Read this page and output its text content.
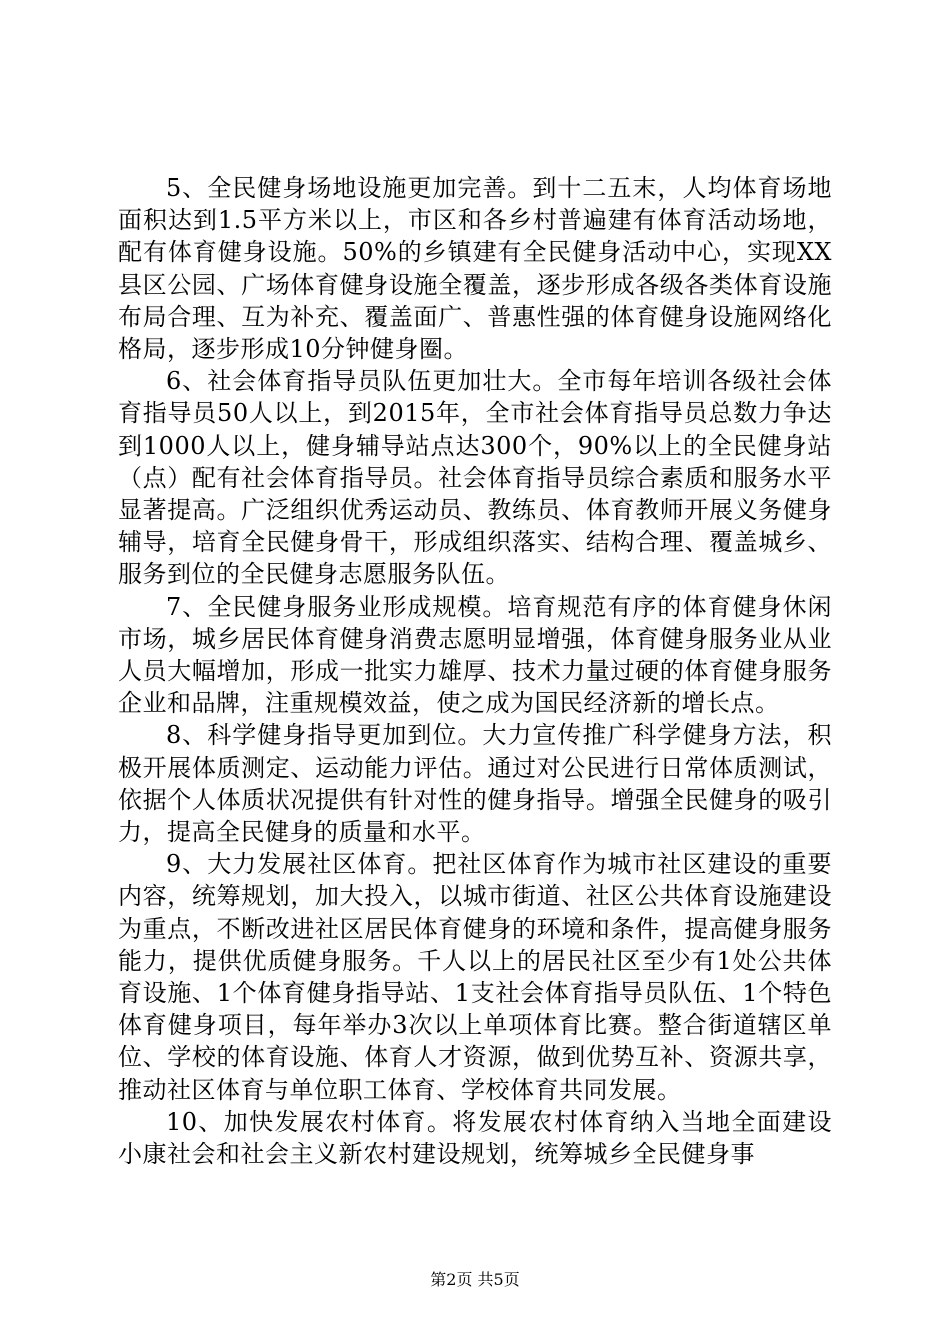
5、全民健身场地设施更加完善。到十二五末，人均体育场地面积达到1.5平方米以上，市区和各乡村普遍建有体育活动场地，配有体育健身设施。50%的乡镇建有全民健身活动中心，实现XX县区公园、广场体育健身设施全覆盖，逐步形成各级各类体育设施布局合理、互为补充、覆盖面广、普惠性强的体育健身设施网络化格局，逐步形成10分钟健身圈。

6、社会体育指导员队伍更加壮大。全市每年培训各级社会体育指导员50人以上，到2015年，全市社会体育指导员总数力争达到1000人以上，健身辅导站点达300个，90%以上的全民健身站（点）配有社会体育指导员。社会体育指导员综合素质和服务水平显著提高。广泛组织优秀运动员、教练员、体育教师开展义务健身辅导，培育全民健身骨干，形成组织落实、结构合理、覆盖城乡、服务到位的全民健身志愿服务队伍。

7、全民健身服务业形成规模。培育规范有序的体育健身休闲市场，城乡居民体育健身消费志愿明显增强，体育健身服务业从业人员大幅增加，形成一批实力雄厚、技术力量过硬的体育健身服务企业和品牌，注重规模效益，使之成为国民经济新的增长点。

8、科学健身指导更加到位。大力宣传推广科学健身方法，积极开展体质测定、运动能力评估。通过对公民进行日常体质测试，依据个人体质状况提供有针对性的健身指导。增强全民健身的吸引力，提高全民健身的质量和水平。

9、大力发展社区体育。把社区体育作为城市社区建设的重要内容，统筹规划，加大投入，以城市街道、社区公共体育设施建设为重点，不断改进社区居民体育健身的环境和条件，提高健身服务能力，提供优质健身服务。千人以上的居民社区至少有1处公共体育设施、1个体育健身指导站、1支社会体育指导员队伍、1个特色体育健身项目，每年举办3次以上单项体育比赛。整合街道辖区单位、学校的体育设施、体育人才资源，做到优势互补、资源共享，推动社区体育与单位职工体育、学校体育共同发展。

10、加快发展农村体育。将发展农村体育纳入当地全面建设小康社会和社会主义新农村建设规划，统筹城乡全民健身事

第2页 共5页
